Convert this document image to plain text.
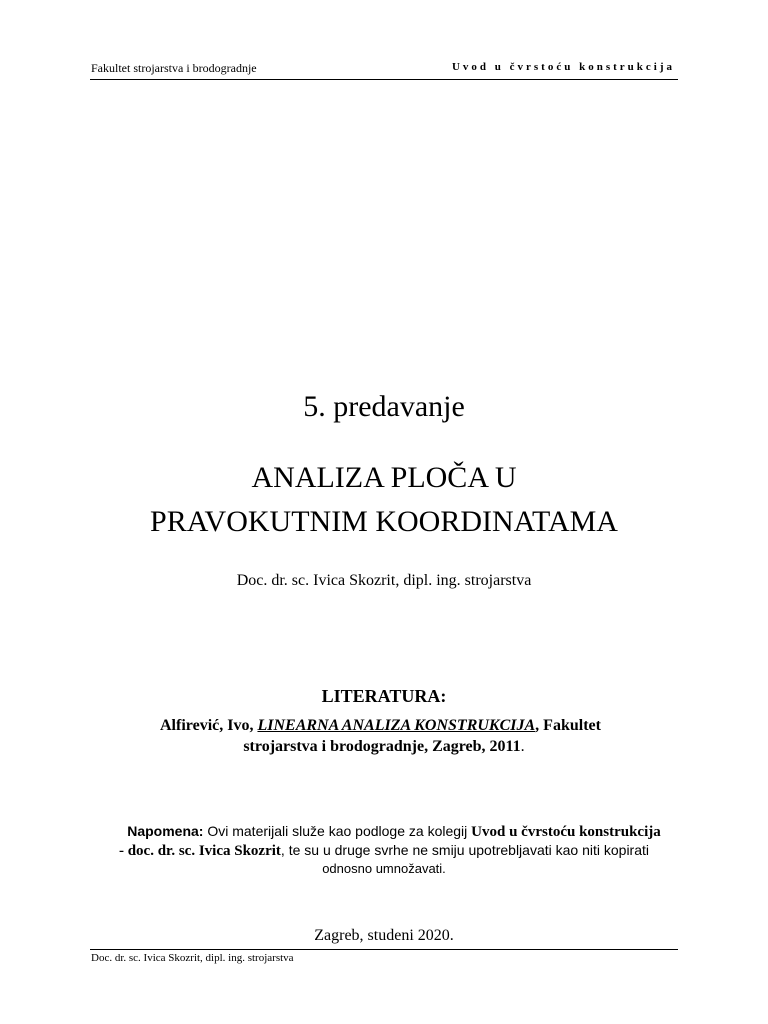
Fakultet strojarstva i brodogradnje	Uvod u čvrstoću konstrukcija
5. predavanje
ANALIZA PLOČA U
PRAVOKUTNIM KOORDINATAMA
Doc. dr. sc. Ivica Skozrit, dipl. ing. strojarstva
LITERATURA:
Alfirević, Ivo, LINEARNA ANALIZA KONSTRUKCIJA, Fakultet
strojarstva i brodogradnje, Zagreb, 2011.
Napomena: Ovi materijali služe kao podloge za kolegij Uvod u čvrstoću konstrukcija
- doc. dr. sc. Ivica Skozrit, te su u druge svrhe ne smiju upotrebljavati kao niti kopirati
odnosno umnožavati.
Zagreb, studeni 2020.
Doc. dr. sc. Ivica Skozrit, dipl. ing. strojarstva
